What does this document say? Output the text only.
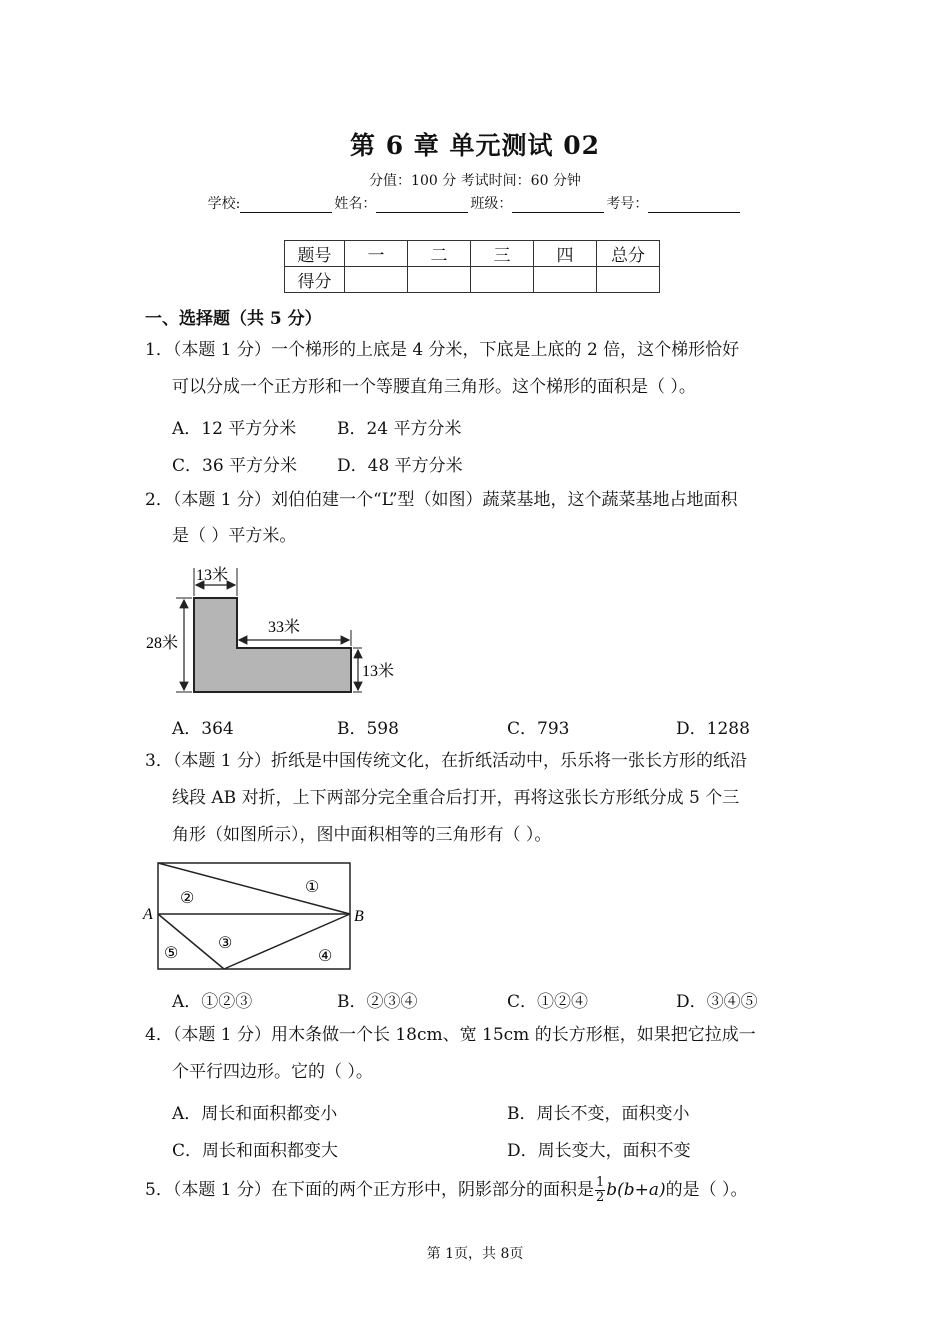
第 6 章 单元测试 02
分值：100 分 考试时间：60 分钟
学校:	姓名：	班级：	考号：
题号	一	二	三	四	总分
得分					
一、选择题（共 5 分）
1．（本题 1 分）一个梯形的上底是 4 分米，下底是上底的 2 倍，这个梯形恰好
可以分成一个正方形和一个等腰直角三角形。这个梯形的面积是（ ）。
A．12 平方分米 B．24 平方分米
C．36 平方分米 D．48 平方分米
2．（本题 1 分）刘伯伯建一个“L”型（如图）蔬菜基地，这个蔬菜基地占地面积
是（ ）平方米。
13米
33米
28米
13米
A．364	B．598	C．793	D．1288
3．（本题 1 分）折纸是中国传统文化，在折纸活动中，乐乐将一张长方形的纸沿
线段 AB 对折，上下两部分完全重合后打开，再将这张长方形纸分成 5 个三
角形（如图所示），图中面积相等的三角形有（ ）。
A	B
①
②
③
④
⑤
A．①②③	B．②③④	C．①②④	D．③④⑤
4．（本题 1 分）用木条做一个长 18cm、宽 15cm 的长方形框，如果把它拉成一
个平行四边形。它的（ ）。
A．周长和面积都变小	B．周长不变，面积变小
C．周长和面积都变大	D．周长变大，面积不变
5．（本题 1 分）在下面的两个正方形中，阴影部分的面积是 $\frac{1}{2} b(b+a)$的是（ ）。
第 1页，共 8页
